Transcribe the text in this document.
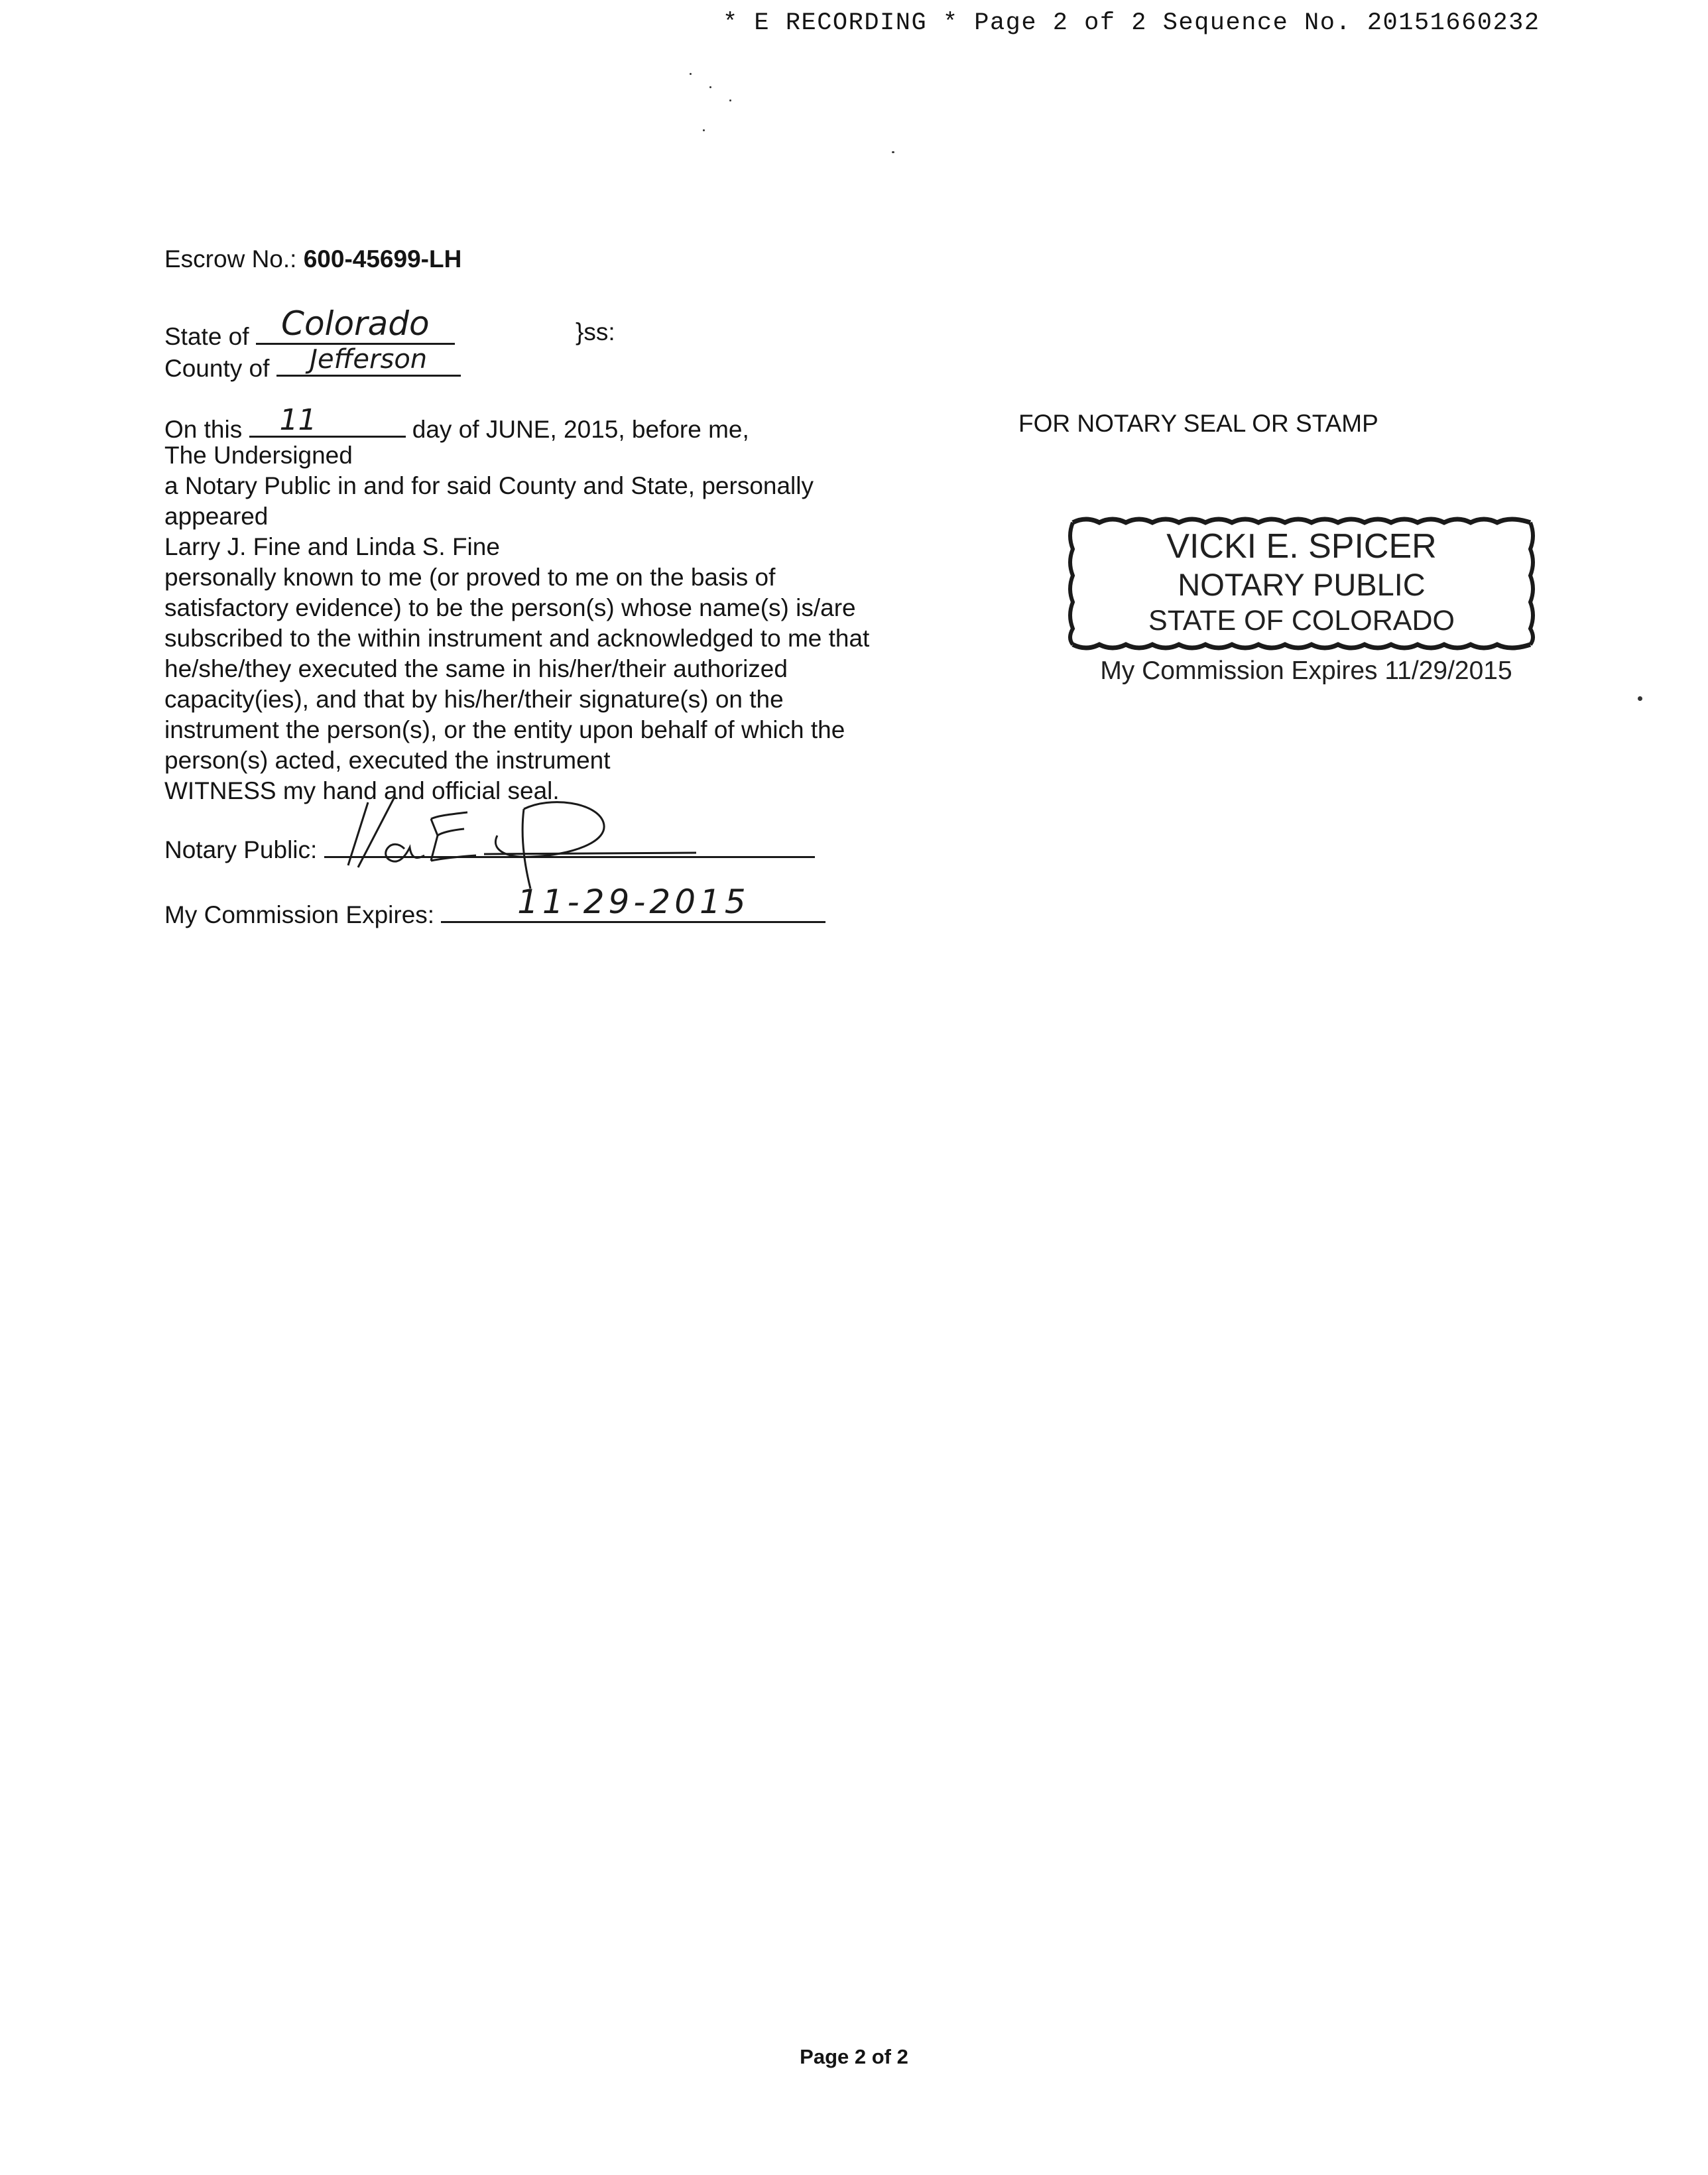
* E RECORDING * Page 2 of 2 Sequence No. 20151660232
Escrow No.: 600-45699-LH
State of Colorado	}ss:
County of	Jefferson
On this 11	day of JUNE, 2015, before me,
The Undersigned
a Notary Public in and for said County and State, personally
appeared
Larry J. Fine and Linda S. Fine
personally known to me (or proved to me on the basis of
satisfactory evidence) to be the person(s) whose name(s) is/are
subscribed to the within instrument and acknowledged to me that
he/she/they executed the same in his/her/their authorized
capacity(ies), and that by his/her/their signature(s) on the
instrument the person(s), or the entity upon behalf of which the
person(s) acted, executed the instrument
WITNESS my hand and official seal.
Notary Public:
My Commission Expires:	11-29-2015
FOR NOTARY SEAL OR STAMP
VICKI E. SPICER
NOTARY PUBLIC
STATE OF COLORADO
My Commission Expires 11/29/2015
Page 2 of 2
